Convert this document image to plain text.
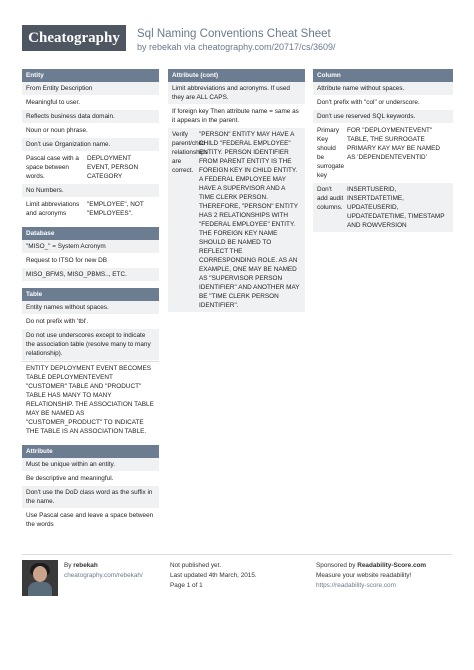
Cheatography	Sql Naming Conventions Cheat Sheet
by rebekah via cheatography.com/20717/cs/3609/
Entity
From Entity Description
Meaningful to user.
Reflects business data domain.
Noun or noun phrase.
Don't use Organization name.
Pascal case with a space between words.
DEPLOYMENT EVENT, PERSON CATEGORY
No Numbers.
Limit abbreviations and acronyms
"EMPLOYEE", NOT "EMPLOYEES".
Database
"MISO_" = System Acronym
Request to ITSO for new DB
MISO_BFMS, MISO_PBMS.., ETC.
Table
Entity names without spaces.
Do not prefix with 'tbl'.
Do not use underscores except to indicate the association table (resolve many to many relationship).
ENTITY DEPLOYMENT EVENT BECOMES TABLE DEPLOYMENTEVENT "CUSTOMER" TABLE AND "PRODUCT" TABLE HAS MANY TO MANY RELATIONSHIP. THE ASSOCIATION TABLE MAY BE NAMED AS "CUSTOMER_PRODUCT" TO INDICATE THE TABLE IS AN ASSOCIATION TABLE.
Attribute
Must be unique within an entity.
Be descriptive and meaningful.
Don't use the DoD class word as the suffix in the name.
Use Pascal case and leave a space between the words
Attribute (cont)
Limit abbreviations and acronyms. If used they are ALL CAPS.
If foreign key Then attribute name = same as it appears in the parent.
Verify parent/child relationships are correct.
"PERSON" ENTITY MAY HAVE A CHILD "FEDERAL EMPLOYEE" ENTITY. PERSON IDENTIFIER FROM PARENT ENTITY IS THE FOREIGN KEY IN CHILD ENTITY. A FEDERAL EMPLOYEE MAY HAVE A SUPERVISOR AND A TIME CLERK PERSON. THEREFORE, "PERSON" ENTITY HAS 2 RELATIONSHIPS WITH "FEDERAL EMPLOYEE" ENTITY. THE FOREIGN KEY NAME SHOULD BE NAMED TO REFLECT THE CORRESPONDING ROLE. AS AN EXAMPLE, ONE MAY BE NAMED AS "SUPERVISOR PERSON IDENTIFIER" AND ANOTHER MAY BE "TIME CLERK PERSON IDENTIFIER".
Column
Attribute name without spaces.
Don't prefix with "col" or underscore.
Don't use reserved SQL keywords.
Primary Key should be surrogate key
FOR "DEPLOYMENTEVENT" TABLE, THE SURROGATE PRIMARY KAY MAY BE NAMED AS 'DEPENDENTEVENTID'
Don't add audit columns.
INSERTUSERID, INSERTDATETIME, UPDATEUSERID, UPDATEDATETIME, TIMESTAMP AND ROWVERSION
By rebekah
cheatography.com/rebekah/
Not published yet.
Last updated 4th March, 2015.
Page 1 of 1
Sponsored by Readability-Score.com
Measure your website readability!
https://readability-score.com
